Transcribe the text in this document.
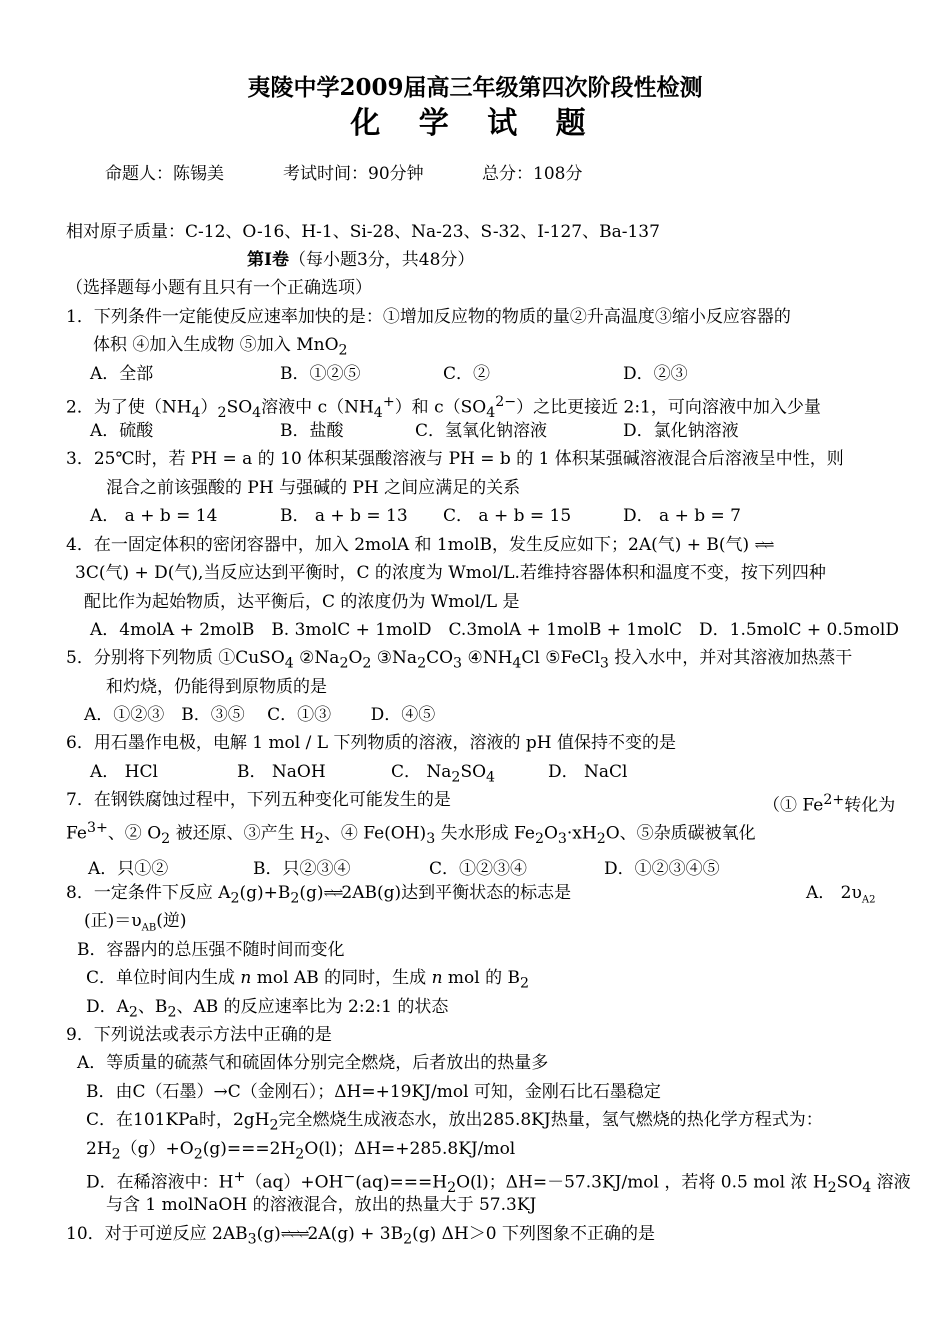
夷陵中学2009届高三年级第四次阶段性检测
化 学 试 题
命题人：陈锡美	考试时间：90分钟	总分：108分
相对原子质量：C-12、O-16、H-1、Si-28、Na-23、S-32、I-127、Ba-137
第I卷（每小题3分，共48分）
（选择题每小题有且只有一个正确选项）
1．下列条件一定能使反应速率加快的是：①增加反应物的物质的量②升高温度③缩小反应容器的
体积 ④加入生成物 ⑤加入 MnO$_2$
A．全部	B．①②⑤	C．②	D．②③
2．为了使$(NH_4)_2SO_4$溶液中 $c(NH_4^+)$和 $c(SO_4^{2-})$之比更接近 2:1，可向溶液中加入少量
A．硫酸	B．盐酸	C．氢氧化钠溶液	D．氯化钠溶液
3．25℃时，若 PH = a 的 10 体积某强酸溶液与 PH = b 的 1 体积某强碱溶液混合后溶液呈中性，则
混合之前该强酸的 PH 与强碱的 PH 之间应满足的关系
A． a + b = 14	B． a + b = 13 C． a + b = 15	D． a + b = 7
4．在一固定体积的密闭容器中，加入 2molA 和 1molB，发生反应如下；2A(气) + B(气) ⇌⇌
3C(气) + D(气),当反应达到平衡时，C 的浓度为 Wmol/L.若维持容器体积和温度不变，按下列四种
配比作为起始物质，达平衡后，C 的浓度仍为 Wmol/L 是
A．4molA + 2molB　B. 3molC + 1molD　C.3molA + 1molB + 1molC　D．1.5molC + 0.5molD
5．分别将下列物质 ①CuSO$_4$ $②Na_2O_2$ $③Na_2CO_3$ $④NH_4Cl$ ⑤FeCl$_3$ 投入水中，并对其溶液加热蒸干
和灼烧，仍能得到原物质的是
A．①②③　B．③⑤　 C．①③　　 D．④⑤
6．用石墨作电极，电解 1 mol / L 下列物质的溶液，溶液的 pH 值保持不变的是
A． HCl	B． NaOH	C． $Na_2SO_4$	D． NaCl
7．在钢铁腐蚀过程中，下列五种变化可能发生的是	（① $Fe^{2+}$转化为
$Fe^{3+}$、② $O_2$ 被还原、③产生 $H_2$、④ $Fe(OH)_3$ 失水形成 $Fe_2O_3\cdot xH_2O$、⑤杂质碳被氧化
A．只①②	B．只②③④	C．①②③④	D．①②③④⑤
8．一定条件下反应 $A_2(g)+B_2(g)\rightleftharpoons\rightleftharpoons 2AB(g)$达到平衡状态的标志是	A． $2\upsilon_{A2}$
(正)$=\upsilon_{AB}$(逆)
B．容器内的总压强不随时间而变化
C．单位时间内生成 n mol AB 的同时，生成 n mol 的 $B_2$
D．$A_2$、$B_2$、AB 的反应速率比为 2:2:1 的状态
9．下列说法或表示方法中正确的是
A．等质量的硫蒸气和硫固体分别完全燃烧，后者放出的热量多
B．由C（石墨）→C（金刚石）；ΔH=+19KJ/mol 可知，金刚石比石墨稳定
C．在101KPa时，$2gH_2$完全燃烧生成液态水，放出285.8KJ热量，氢气燃烧的热化学方程式为：
$2H_2(g)+O_2(g)===2H_2O(l)$；ΔH=+285.8KJ/mol
D．在稀溶液中：$H^+(aq)+OH^-(aq)===H_2O(l)$；ΔH=－57.3KJ/mol ，若将 0.5 mol 浓 $H_2SO_4$ 溶液
与含 1 molNaOH 的溶液混合，放出的热量大于 57.3KJ
10．对于可逆反应 $2AB_3(g)\rightleftharpoons\rightleftharpoons\rightleftharpoons 2A(g) + 3B_2(g)$ ΔH＞0 下列图象不正确的是
